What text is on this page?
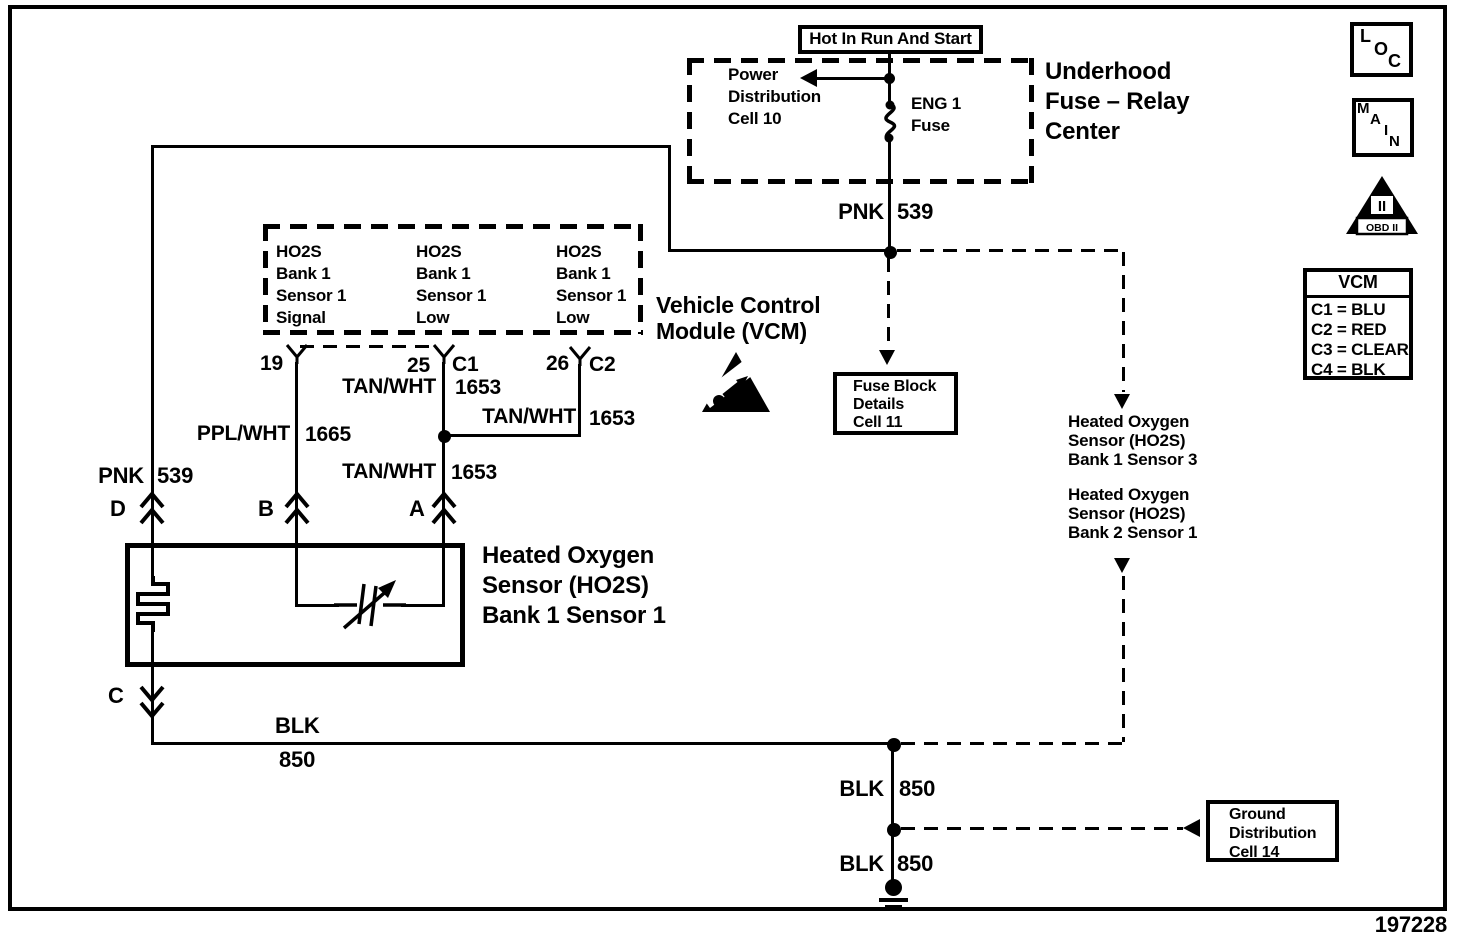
II
OBD II
Hot In Run And Start
Fuse Block
Details
Cell 11
Ground
Distribution
Cell 14
L
O
C
M
A
I
N
VCM
C1 = BLU
C2 = RED
C3 = CLEAR
C4 = BLK
Power
Distribution
Cell 10
ENG 1
Fuse
Underhood
Fuse – Relay
Center
HO2S
Bank 1
Sensor 1
Signal
HO2S
Bank 1
Sensor 1
Low
HO2S
Bank 1
Sensor 1
Low	Vehicle Control
Module (VCM)
Heated Oxygen
Sensor (HO2S)
Bank 1 Sensor 1
Heated Oxygen
Sensor (HO2S)
Bank 1 Sensor 3
Heated Oxygen
Sensor (HO2S)
Bank 2 Sensor 1
PNK 539
19	25 C1	26 C2
TAN/WHT 1653
TAN/WHT 1653
PPL/WHT 1665
TAN/WHT 1653
PNK 539
D	B	A
C
BLK
850
BLK 850
BLK 850
197228
